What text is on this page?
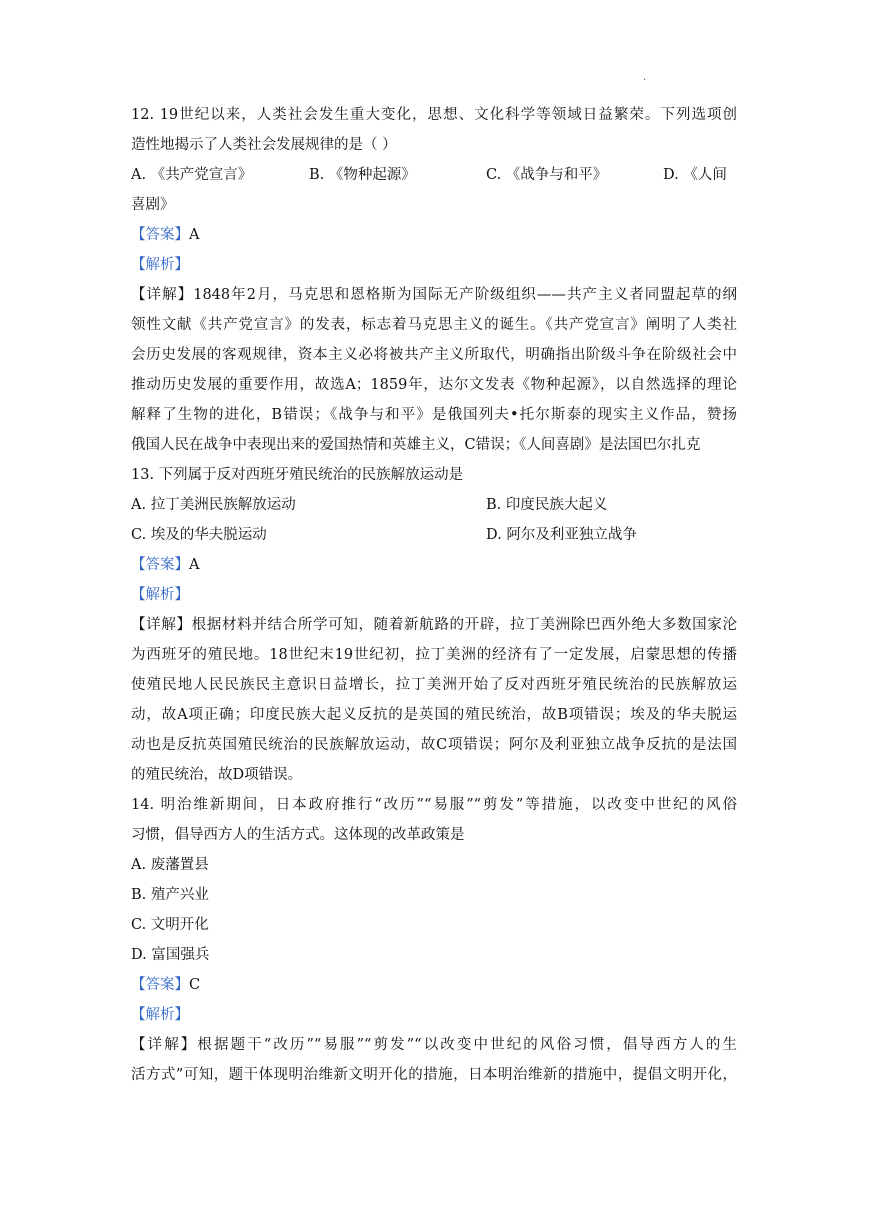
.
12. 19世纪以来，人类社会发生重大变化，思想、文化科学等领域日益繁荣。下列选项创
造性地揭示了人类社会发展规律的是（ ）
A. 《共产党宣言》	B. 《物种起源》	C. 《战争与和平》	D. 《人间
喜剧》
【答案】A
【解析】
【详解】1848年2月，马克思和恩格斯为国际无产阶级组织——共产主义者同盟起草的纲
领性文献《共产党宣言》的发表，标志着马克思主义的诞生。《共产党宣言》阐明了人类社
会历史发展的客观规律，资本主义必将被共产主义所取代，明确指出阶级斗争在阶级社会中
推动历史发展的重要作用，故选A；1859年，达尔文发表《物种起源》，以自然选择的理论
解释了生物的进化，B错误；《战争与和平》是俄国列夫•托尔斯泰的现实主义作品，赞扬
俄国人民在战争中表现出来的爱国热情和英雄主义，C错误；《人间喜剧》是法国巴尔扎克
13. 下列属于反对西班牙殖民统治的民族解放运动是
A. 拉丁美洲民族解放运动	B. 印度民族大起义
C. 埃及的华夫脱运动	D. 阿尔及利亚独立战争
【答案】A
【解析】
【详解】根据材料并结合所学可知，随着新航路的开辟，拉丁美洲除巴西外绝大多数国家沦
为西班牙的殖民地。18世纪末19世纪初，拉丁美洲的经济有了一定发展，启蒙思想的传播
使殖民地人民民族民主意识日益增长，拉丁美洲开始了反对西班牙殖民统治的民族解放运
动，故A项正确；印度民族大起义反抗的是英国的殖民统治，故B项错误；埃及的华夫脱运
动也是反抗英国殖民统治的民族解放运动，故C项错误；阿尔及利亚独立战争反抗的是法国
的殖民统治，故D项错误。
14. 明治维新期间，日本政府推行“改历”“易服”“剪发”等措施，以改变中世纪的风俗
习惯，倡导西方人的生活方式。这体现的改革政策是
A. 废藩置县
B. 殖产兴业
C. 文明开化
D. 富国强兵
【答案】C
【解析】
【详解】根据题干“改历”“易服”“剪发”“以改变中世纪的风俗习惯，倡导西方人的生
活方式”可知，题干体现明治维新文明开化的措施，日本明治维新的措施中，提倡文明开化，
